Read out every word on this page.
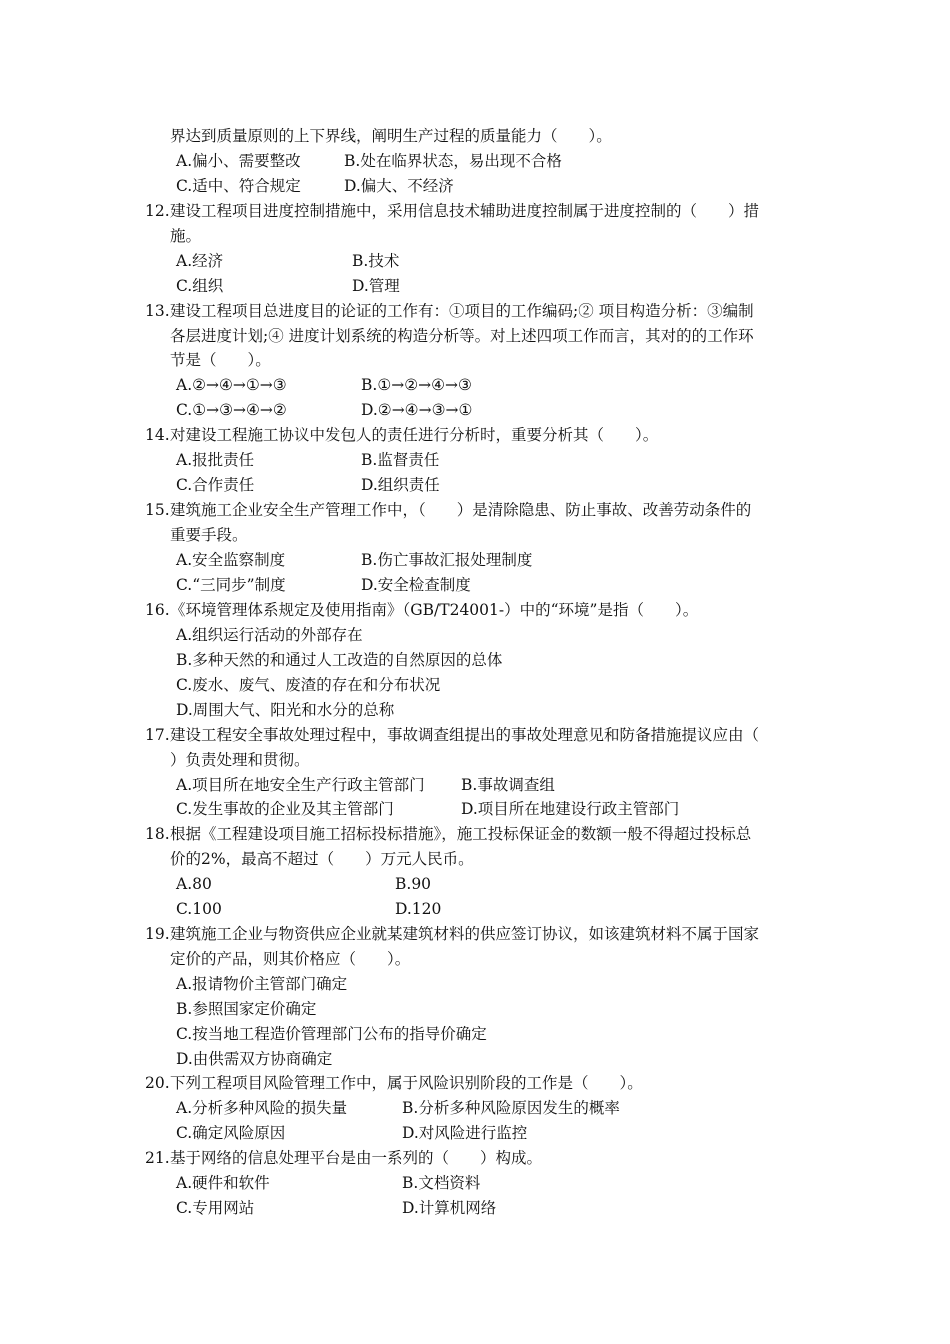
界达到质量原则的上下界线，阐明生产过程的质量能力（　　）。
A.偏小、需要整改	B.处在临界状态，易出现不合格
C.适中、符合规定	D.偏大、不经济
12. 建设工程项目进度控制措施中，采用信息技术辅助进度控制属于进度控制的（　　）措
施。
A.经济	B.技术
C.组织	D.管理
13. 建设工程项目总进度目的论证的工作有：①项目的工作编码;② 项目构造分析：③编制
各层进度计划;④ 进度计划系统的构造分析等。对上述四项工作而言，其对的的工作环
节是（　　）。
A.②→④→①→③	B.①→②→④→③
C.①→③→④→②	D.②→④→③→①
14. 对建设工程施工协议中发包人的责任进行分析时，重要分析其（　　）。
A.报批责任	B.监督责任
C.合作责任	D.组织责任
15. 建筑施工企业安全生产管理工作中，（　　）是清除隐患、防止事故、改善劳动条件的
重要手段。
A.安全监察制度	B.伤亡事故汇报处理制度
C.“三同步”制度	D.安全检查制度
16. 《环境管理体系规定及使用指南》（GB/T24001-）中的“环境”是指（　　）。
A.组织运行活动的外部存在
B.多种天然的和通过人工改造的自然原因的总体
C.废水、废气、废渣的存在和分布状况
D.周围大气、阳光和水分的总称
17. 建设工程安全事故处理过程中，事故调查组提出的事故处理意见和防备措施提议应由（
）负责处理和贯彻。
A.项目所在地安全生产行政主管部门 B.事故调查组
C.发生事故的企业及其主管部门	D.项目所在地建设行政主管部门
18. 根据《工程建设项目施工招标投标措施》，施工投标保证金的数额一般不得超过投标总
价的2%，最高不超过（　　）万元人民币。
A.80	B.90
C.100	D.120
19. 建筑施工企业与物资供应企业就某建筑材料的供应签订协议，如该建筑材料不属于国家
定价的产品，则其价格应（　　）。
A.报请物价主管部门确定
B.参照国家定价确定
C.按当地工程造价管理部门公布的指导价确定
D.由供需双方协商确定
20. 下列工程项目风险管理工作中，属于风险识别阶段的工作是（　　）。
A.分析多种风险的损失量	B.分析多种风险原因发生的概率
C.确定风险原因	D.对风险进行监控
21. 基于网络的信息处理平台是由一系列的（　　）构成。
A.硬件和软件	B.文档资料
C.专用网站	D.计算机网络
